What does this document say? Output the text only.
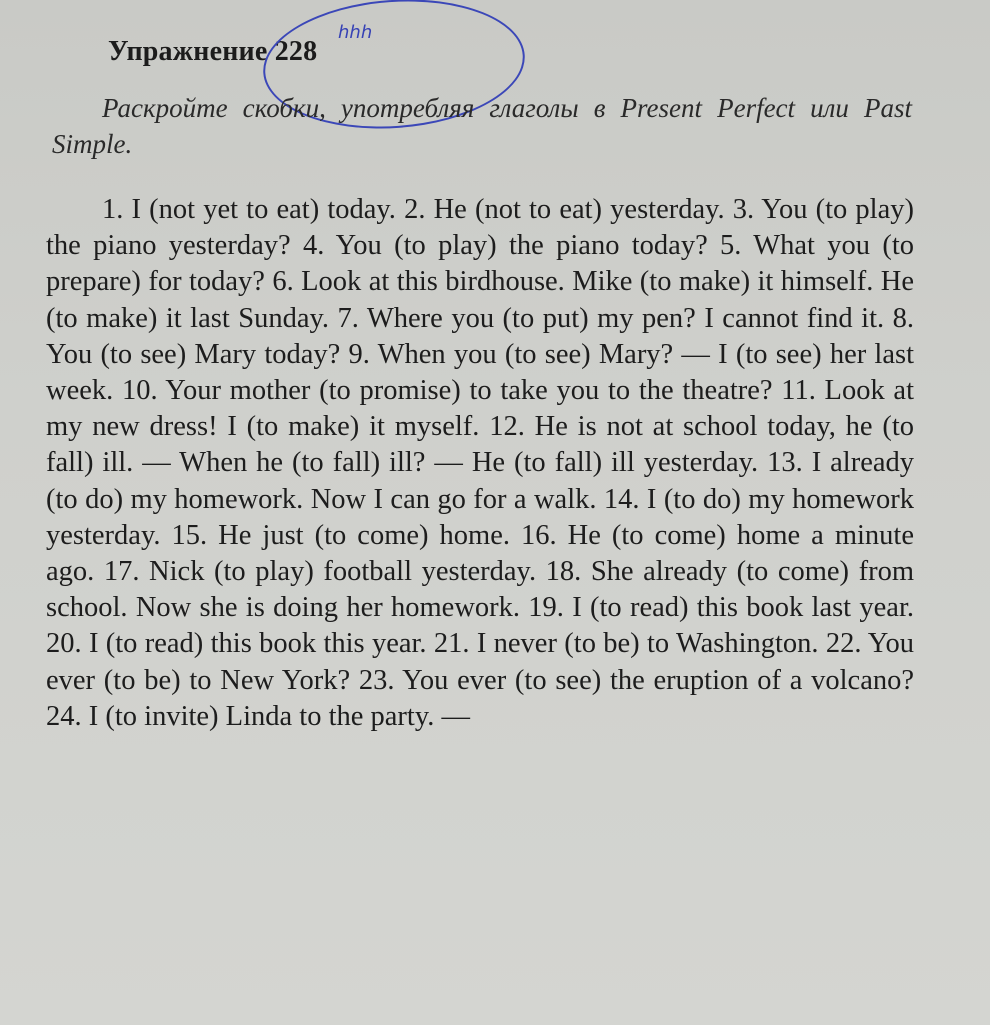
Упражнение 228
hhh
Раскройте скобки, употребляя глаголы в Present Perfect или Past Simple.
1. I (not yet to eat) today. 2. He (not to eat) yesterday. 3. You (to play) the piano yesterday? 4. You (to play) the piano today? 5. What you (to prepare) for today? 6. Look at this birdhouse. Mike (to make) it himself. He (to make) it last Sunday. 7. Where you (to put) my pen? I cannot find it. 8. You (to see) Mary today? 9. When you (to see) Mary? — I (to see) her last week. 10. Your mother (to promise) to take you to the theatre? 11. Look at my new dress! I (to make) it myself. 12. He is not at school today, he (to fall) ill. — When he (to fall) ill? — He (to fall) ill yesterday. 13. I already (to do) my homework. Now I can go for a walk. 14. I (to do) my homework yesterday. 15. He just (to come) home. 16. He (to come) home a minute ago. 17. Nick (to play) football yesterday. 18. She already (to come) from school. Now she is doing her homework. 19. I (to read) this book last year. 20. I (to read) this book this year. 21. I never (to be) to Washington. 22. You ever (to be) to New York? 23. You ever (to see) the eruption of a volcano? 24. I (to invite) Linda to the party. —
